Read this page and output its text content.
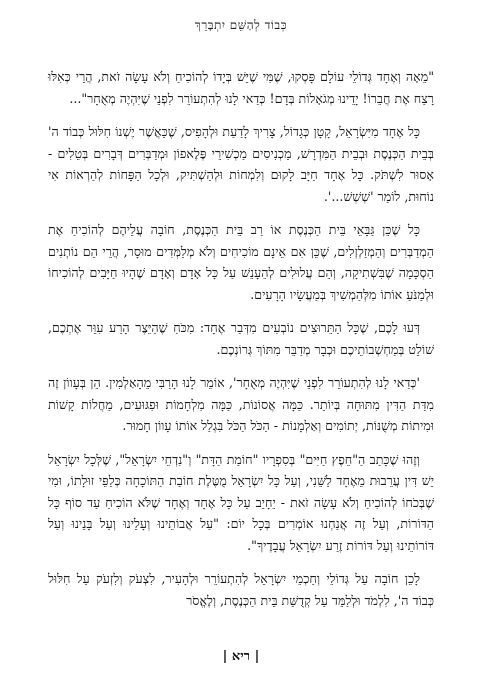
כְּבוֹד לְהַשֵּׁם יִתְבָּרֵךְ

"מֵאָה וְאֶחָד גְּדוֹלֵי עוֹלָם פָּסְקוּ, שֶׁמִּי שֶׁיֵּשׁ בְּיָדוֹ לְהוֹכִיחַ וְלֹא עָשָׂה זֹאת, הֲרֵי כְּאִלּוּ רָצַח אֶת חֲבֵרוֹ! יָדֵינוּ מְגֹאָלוֹת בְּדָם! כְּדַאי לָנוּ לְהִתְעוֹרֵר לִפְנֵי שֶׁיִּהְיֶה מְאֻחָר"...

כָּל אֶחָד מִיִּשְׂרָאֵל, קָטָן כְּגָדוֹל, צָרִיךְ לָדַעַת וּלְהָפִיס, שֶׁכַּאֲשֶׁר יֶשְׁנוֹ חִלּוּל כְּבוֹד ה' בְּבֵית הַכְּנֶסֶת וּבְבֵית הַמִּדְרָשׁ, מַכְנִיסִים מַכְשִׁירֵי פֶּלֶאפוֹן וּמְדַבְּרִים דְּבָרִים בְּטֵלִים - אָסוּר לִשְׁתֹּק. כָּל אֶחָד חַיָּב לָקוּם וְלִמְחוֹת וּלְהַשְׁתִּיק, וּלְכָל הַפָּחוֹת לְהַרְאוֹת אִי נוֹחוּת, לוֹמַר 'שְׁשְׁשׁ...'.

כָּל שֶׁכֵּן גַּבָּאֵי בֵּית הַכְּנֶסֶת אוֹ רַב בֵּית הַכְּנֶסֶת, חוֹבָה עֲלֵיהֶם לְהוֹכִיחַ אֶת הַמְדַבְּרִים וְהַמְזַלְזְלִים, שֶׁכֵּן אִם אֵינָם מוֹכִיחִים וְלֹא מְלַמְּדִים מוּסָר, הֲרֵי הֵם נוֹתְנִים הַסְכָּמָה שֶׁבִּשְׁתִיקָה, וְהֵם עֲלוּלִים לְהֵעָנֵשׁ עַל כָּל אָדָם וְאָדָם שֶׁהָיוּ חַיָּבִים לְהוֹכִיחוֹ וּלְמַנֹּעַ אוֹתוֹ מִלְּהַמְשִׁיךְ בְּמַעֲשָׂיו הָרָעִים.

דְּעוּ לָכֶם, שֶׁכָּל הַתֵּרוּצִים נוֹבְעִים מִדְּבַר אֶחָד: מִכֹּחַ שֶׁהַיֵּצֶר הָרַע עִוֵּר אֶתְכֶם, שׁוֹלֵט בְּמַחְשְׁבוֹתֵיכֶם וּכְבָר מְדַבֵּר מִתּוֹךְ גְּרוֹנְכֶם.

'כְּדַאי לָנוּ לְהִתְעוֹרֵר לִפְנֵי שֶׁיִּהְיֶה מְאֻחָר', אוֹמֵר לָנוּ הָרַבִּי מֵהָאַלְמִין. הֵן בְּעָווֹן זֶה מִדַּת הַדִּין מִתּוּחָה בְּיוֹתֵר. כַּמָּה אֲסוֹנוֹת, כַּמָּה מִלְחָמוֹת וּפִגּוּעִים, מַחֲלוֹת קָשׁוֹת וּמִיתוֹת מְשֻׁנּוֹת, יְתוֹמִים וְאַלְמָנוֹת - הַכֹּל הַכֹּל בִּגְלַל אוֹתוֹ עָווֹן חָמוּר.

וְזֶהוּ שֶׁכָּתַב הַ"חֵפֶץ חַיִּים" בְּסִפְרָיו "חוֹמַת הַדָּת" וְ"נִדְחֵי יִשְׂרָאֵל", שֶׁלְּכָל יִשְׂרָאֵל יֵשׁ דִּין עֲרֵבוּת מֵאֶחָד לַשֵּׁנִי, וְעַל כָּל יִשְׂרָאֵל מֻטֶּלֶת חוֹבַת הַתּוֹכָחָה כְּלַפֵּי זוּלָתוֹ, וּמִי שֶׁבְּכֹחוֹ לְהוֹכִיחַ וְלֹא עָשָׂה זֹאת - יֵחָיֵב עַל כָּל אֶחָד וְאֶחָד שֶׁלֹּא הוֹכִיחַ עַד סוֹף כָּל הַדּוֹרוֹת, וְעַל זֶה אֲנַחְנוּ אוֹמְרִים בְּכָל יוֹם: "עַל אֲבוֹתֵינוּ וְעָלֵינוּ וְעַל בָּנֵינוּ וְעַל דּוֹרוֹתֵינוּ וְעַל דּוֹרוֹת זֶרַע יִשְׂרָאֵל עֲבָדֶיךָ".

לָכֵן חוֹבָה עַל גְּדוֹלֵי וְחַכְמֵי יִשְׂרָאֵל לְהִתְעוֹרֵר וּלְהָעִיר, לִצְעֹק וְלִזְעֹק עַל חִלּוּל כְּבוֹד ה', לִלְמֹד וּלְלַמֵּד עַל קְדֻשַּׁת בֵּית הַכְּנֶסֶת, וְלֶאֱסֹר

| ריא |
